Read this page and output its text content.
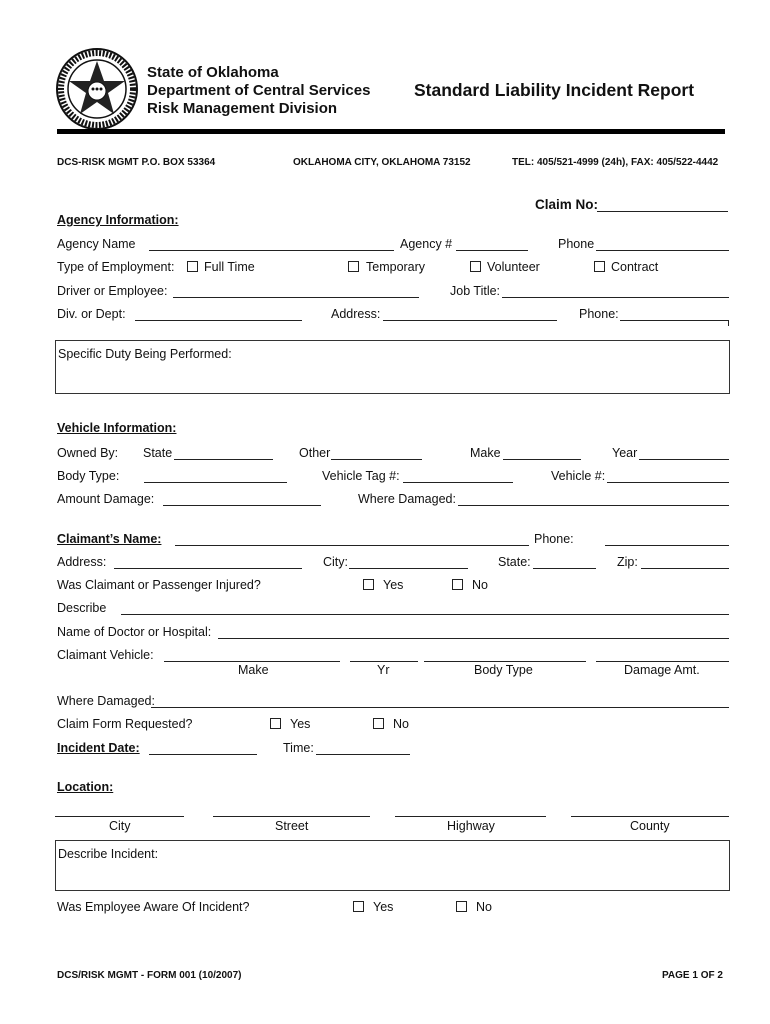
State of Oklahoma
Department of Central Services
Risk Management Division
Standard Liability Incident Report
DCS-RISK MGMT P.O. BOX 53364	OKLAHOMA CITY, OKLAHOMA 73152	TEL: 405/521-4999 (24h), FAX: 405/522-4442
Claim No:
Agency Information:
Agency Name	Agency #	Phone
Type of Employment: Full Time	Temporary	Volunteer	Contract
Driver or Employee:	Job Title:
Div. or Dept:	Address:	Phone:
Specific Duty Being Performed:
Vehicle Information:
Owned By: State	Other	Make	Year
Body Type:	Vehicle Tag #:	Vehicle #:
Amount Damage:	Where Damaged:
Claimant’s Name:	Phone:
Address:	City:	State:	Zip:
Was Claimant or Passenger Injured?	Yes	No
Describe
Name of Doctor or Hospital:
Claimant Vehicle:
Make	Yr	Body Type	Damage Amt.
Where Damaged:
Claim Form Requested?	Yes	No
Incident Date:	Time:
Location:
City	Street	Highway	County
Describe Incident:
Was Employee Aware Of Incident?	Yes	No
DCS/RISK MGMT - FORM 001 (10/2007)	PAGE 1 OF 2
